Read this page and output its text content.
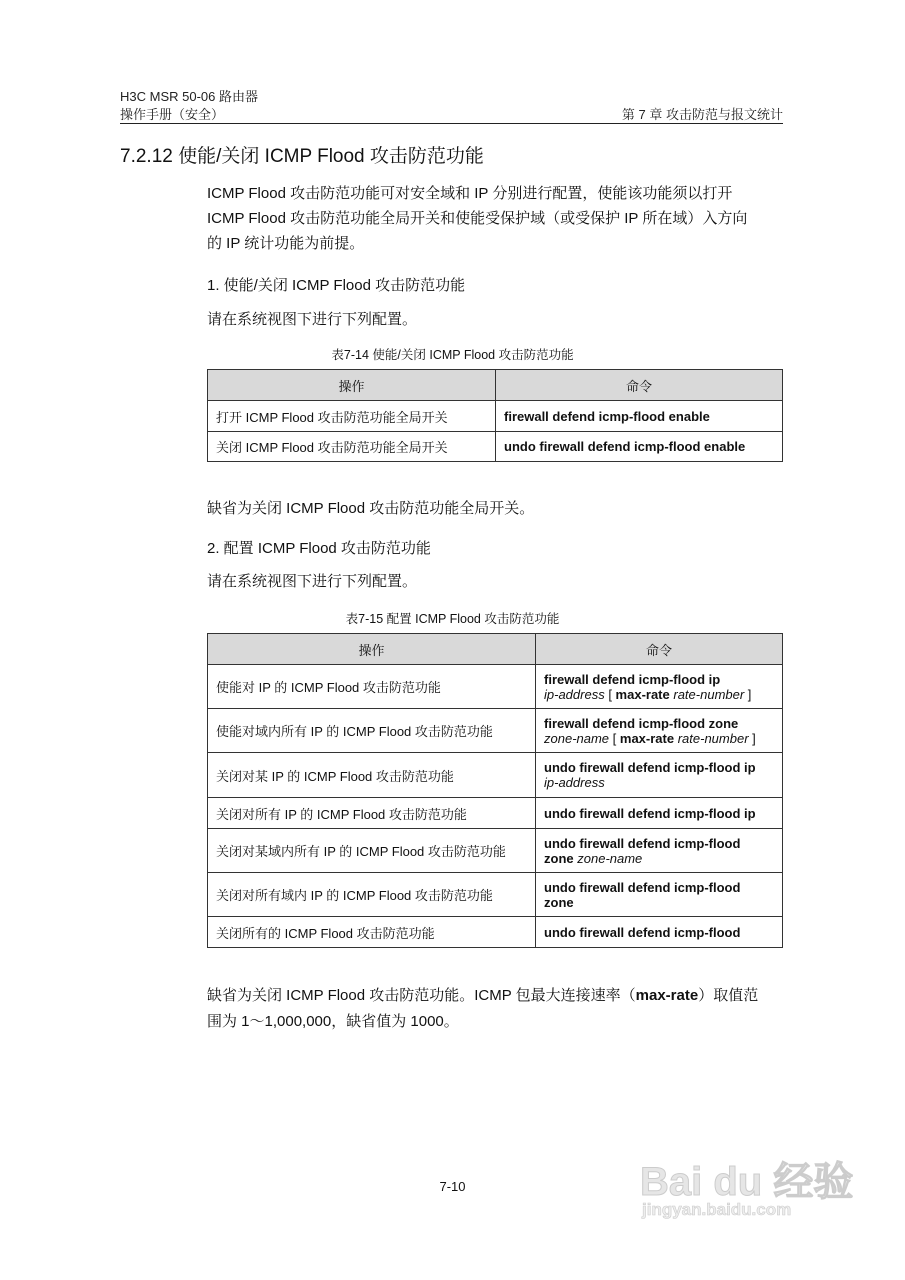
H3C MSR 50-06 路由器
操作手册（安全）	第 7 章 攻击防范与报文统计
7.2.12 使能/关闭 ICMP Flood 攻击防范功能
ICMP Flood 攻击防范功能可对安全域和 IP 分别进行配置，使能该功能须以打开
ICMP Flood 攻击防范功能全局开关和使能受保护域（或受保护 IP 所在域）入方向
的 IP 统计功能为前提。
1. 使能/关闭 ICMP Flood 攻击防范功能
请在系统视图下进行下列配置。
表7-14 使能/关闭 ICMP Flood 攻击防范功能
操作	命令
打开 ICMP Flood 攻击防范功能全局开关	firewall defend icmp-flood enable
关闭 ICMP Flood 攻击防范功能全局开关	undo firewall defend icmp-flood enable
缺省为关闭 ICMP Flood 攻击防范功能全局开关。
2. 配置 ICMP Flood 攻击防范功能
请在系统视图下进行下列配置。
表7-15 配置 ICMP Flood 攻击防范功能
操作	命令
使能对 IP 的 ICMP Flood 攻击防范功能	firewall defend icmp-flood ip
ip-address [ max-rate rate-number ]
使能对域内所有 IP 的 ICMP Flood 攻击防范功能	firewall defend icmp-flood zone
zone-name [ max-rate rate-number ]
关闭对某 IP 的 ICMP Flood 攻击防范功能	undo firewall defend icmp-flood ip
ip-address
关闭对所有 IP 的 ICMP Flood 攻击防范功能	undo firewall defend icmp-flood ip
关闭对某域内所有 IP 的 ICMP Flood 攻击防范功能	undo firewall defend icmp-flood
zone zone-name
关闭对所有域内 IP 的 ICMP Flood 攻击防范功能	undo firewall defend icmp-flood
zone
关闭所有的 ICMP Flood 攻击防范功能	undo firewall defend icmp-flood
缺省为关闭 ICMP Flood 攻击防范功能。ICMP 包最大连接速率（max-rate）取值范
围为 1～1,000,000，缺省值为 1000。
7-10	Bai du 经验
jingyan.baidu.com
